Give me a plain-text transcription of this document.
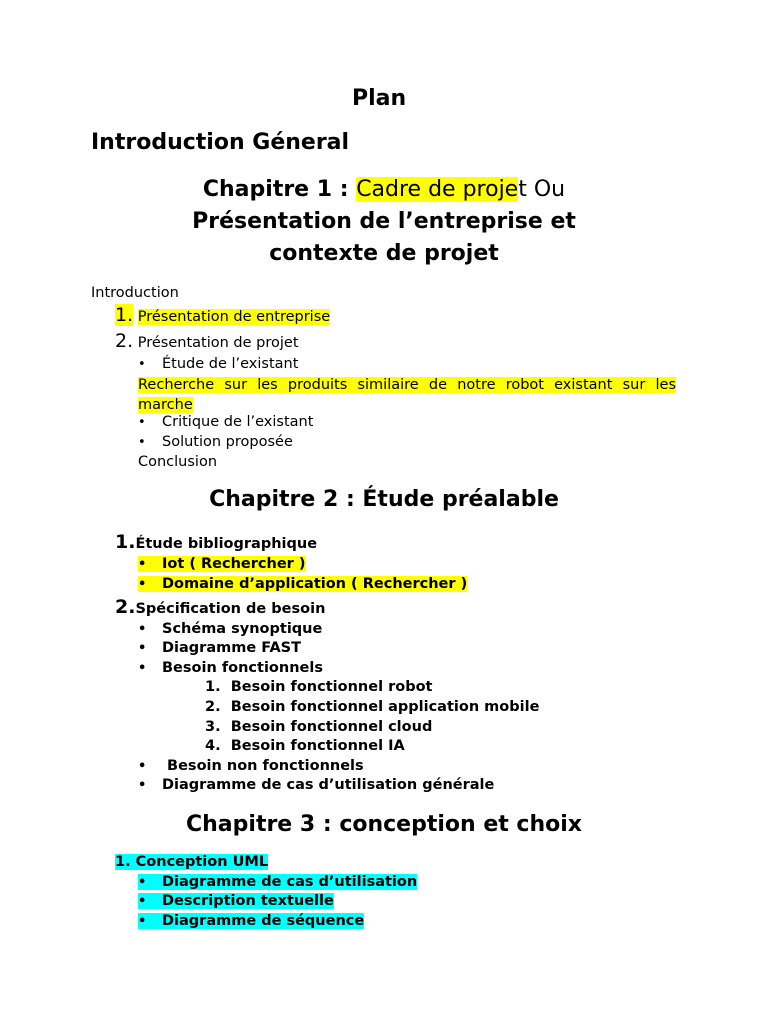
Plan
Introduction Géneral
Chapitre 1 : Cadre de projet Ou
Présentation de l’entreprise et
contexte de projet
Introduction
1. Présentation de entreprise
2. Présentation de projet
• Étude de l’existant
Recherche sur les produits similaire de notre robot existant sur les marche
• Critique de l’existant
• Solution proposée
Conclusion
Chapitre 2 : Étude préalable
1.Étude bibliographique
• Iot ( Rechercher )
• Domaine d’application ( Rechercher )
2.Spécification de besoin
• Schéma synoptique
• Diagramme FAST
• Besoin fonctionnels
1. Besoin fonctionnel robot
2. Besoin fonctionnel application mobile
3. Besoin fonctionnel cloud
4. Besoin fonctionnel IA
• Besoin non fonctionnels
• Diagramme de cas d’utilisation générale
Chapitre 3 : conception et choix
1. Conception UML
• Diagramme de cas d’utilisation
• Description textuelle
• Diagramme de séquence
